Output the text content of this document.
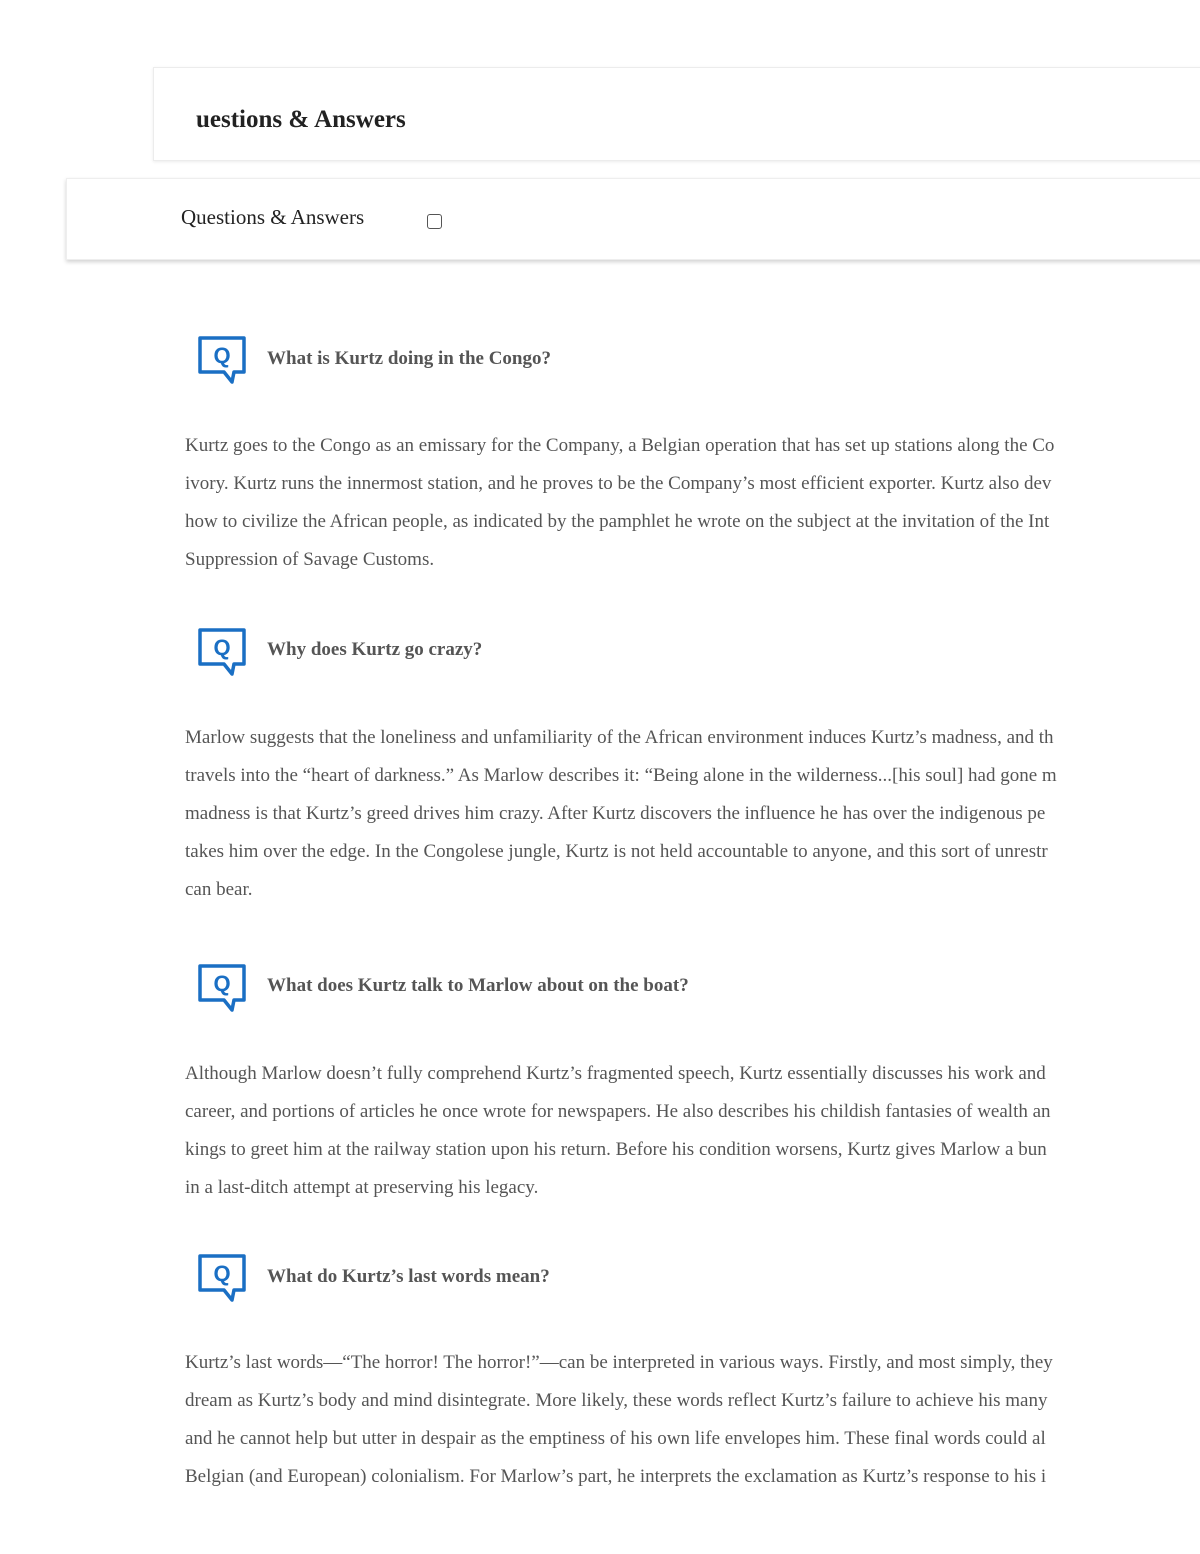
uestions & Answers
Questions & Answers
Q What is Kurtz doing in the Congo?
Kurtz goes to the Congo as an emissary for the Company, a Belgian operation that has set up stations along the Co
ivory. Kurtz runs the innermost station, and he proves to be the Company’s most efficient exporter. Kurtz also dev
how to civilize the African people, as indicated by the pamphlet he wrote on the subject at the invitation of the Int
Suppression of Savage Customs.
Q Why does Kurtz go crazy?
Marlow suggests that the loneliness and unfamiliarity of the African environment induces Kurtz’s madness, and th
travels into the “heart of darkness.” As Marlow describes it: “Being alone in the wilderness...[his soul] had gone m
madness is that Kurtz’s greed drives him crazy. After Kurtz discovers the influence he has over the indigenous pe
takes him over the edge. In the Congolese jungle, Kurtz is not held accountable to anyone, and this sort of unrestr
can bear.
Q What does Kurtz talk to Marlow about on the boat?
Although Marlow doesn’t fully comprehend Kurtz’s fragmented speech, Kurtz essentially discusses his work and
career, and portions of articles he once wrote for newspapers. He also describes his childish fantasies of wealth an
kings to greet him at the railway station upon his return. Before his condition worsens, Kurtz gives Marlow a bun
in a last-ditch attempt at preserving his legacy.
Q What do Kurtz’s last words mean?
Kurtz’s last words—“The horror! The horror!”—can be interpreted in various ways. Firstly, and most simply, they
dream as Kurtz’s body and mind disintegrate. More likely, these words reflect Kurtz’s failure to achieve his many
and he cannot help but utter in despair as the emptiness of his own life envelopes him. These final words could al
Belgian (and European) colonialism. For Marlow’s part, he interprets the exclamation as Kurtz’s response to his i
